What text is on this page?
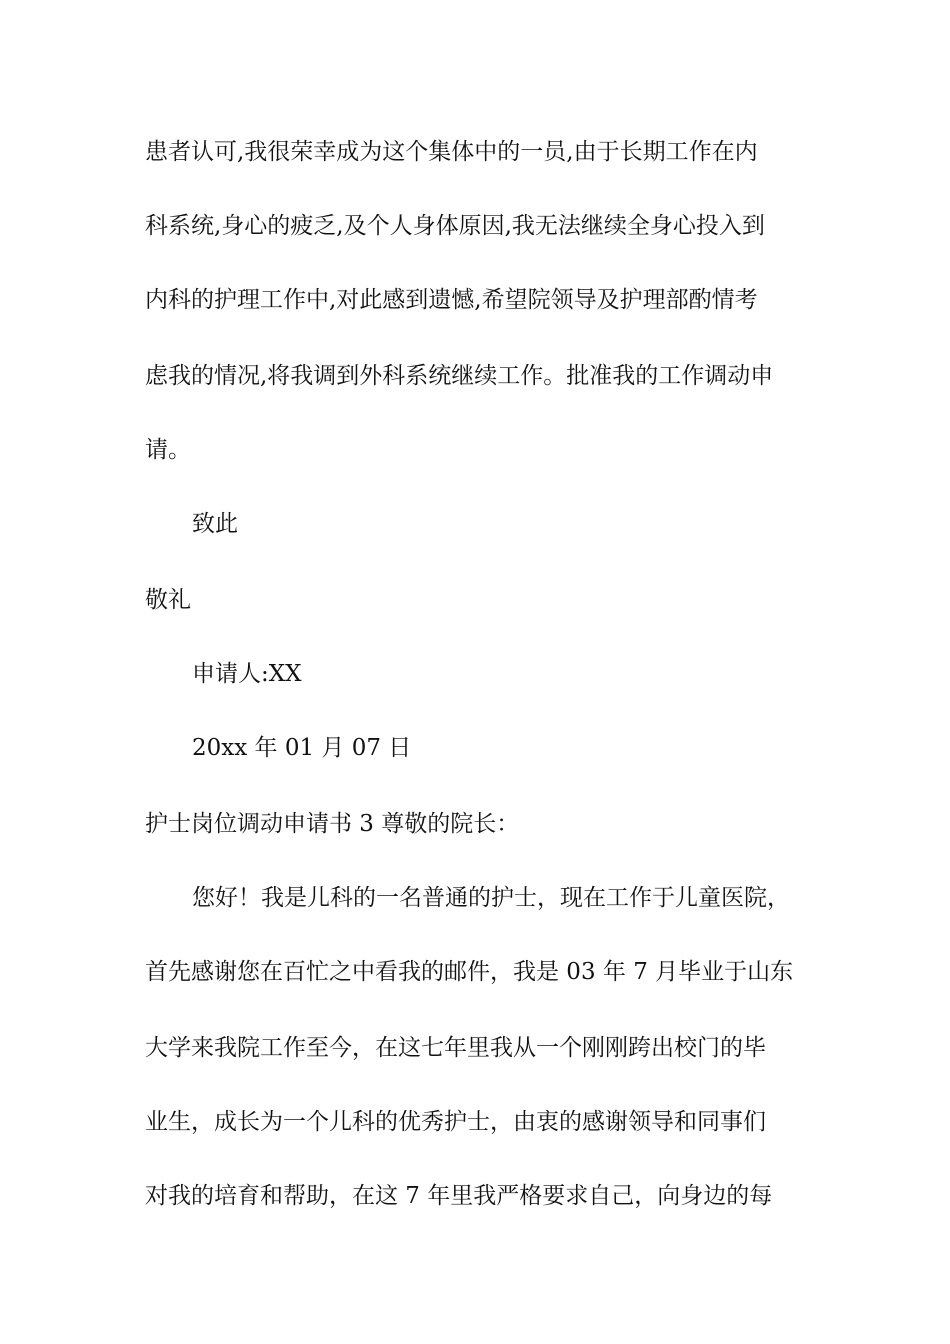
患者认可,我很荣幸成为这个集体中的一员,由于长期工作在内

科系统,身心的疲乏,及个人身体原因,我无法继续全身心投入到

内科的护理工作中,对此感到遗憾,希望院领导及护理部酌情考

虑我的情况,将我调到外科系统继续工作。批准我的工作调动申

请。

致此

敬礼

申请人:XX

20xx 年 01 月 07 日

护士岗位调动申请书 3 尊敬的院长：

您好！我是儿科的一名普通的护士，现在工作于儿童医院，

首先感谢您在百忙之中看我的邮件，我是 03 年 7 月毕业于山东

大学来我院工作至今，在这七年里我从一个刚刚跨出校门的毕

业生，成长为一个儿科的优秀护士，由衷的感谢领导和同事们

对我的培育和帮助，在这 7 年里我严格要求自己，向身边的每
